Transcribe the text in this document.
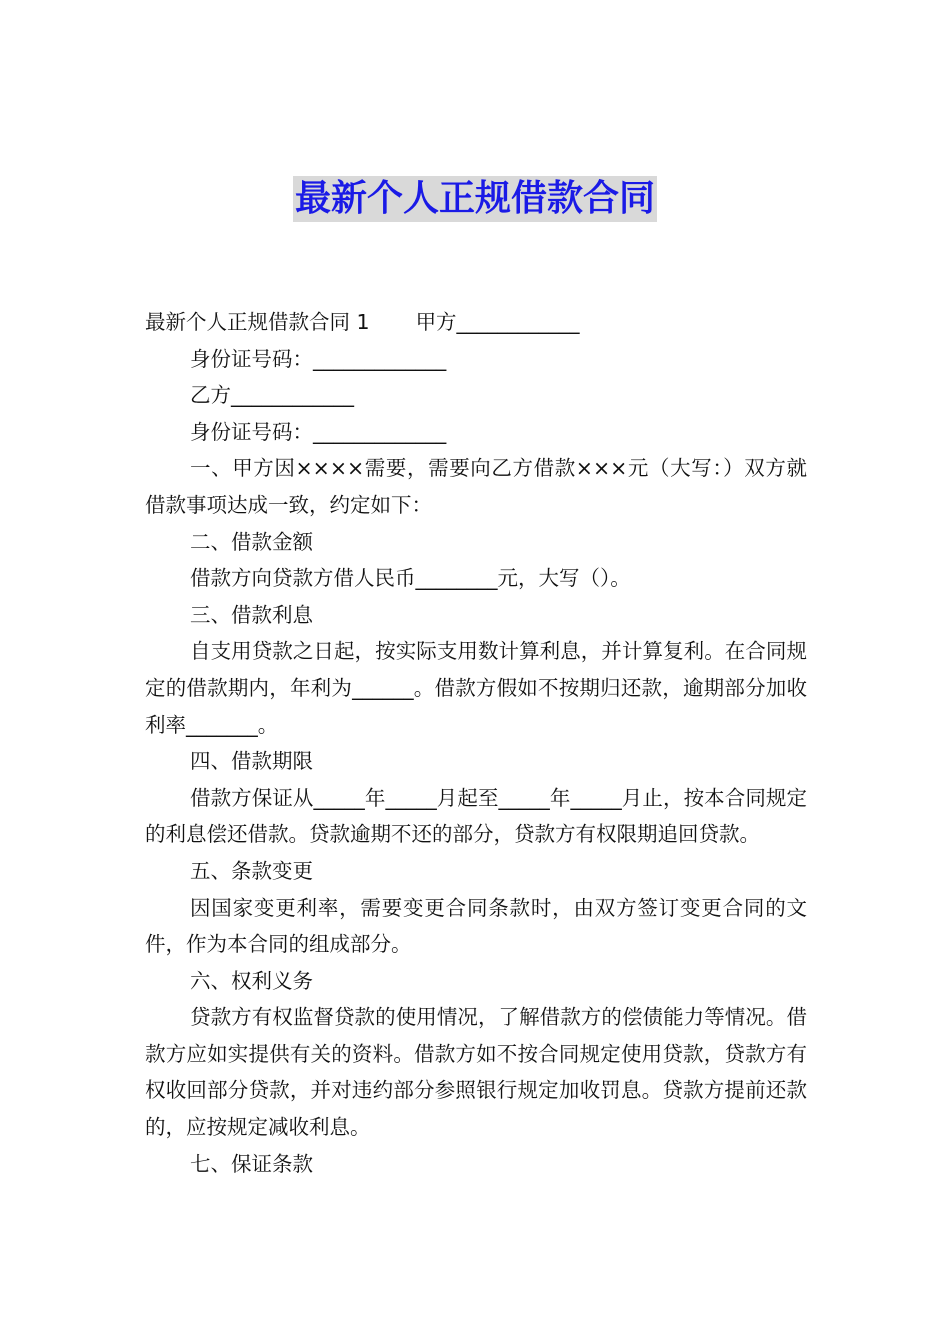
最新个人正规借款合同

最新个人正规借款合同 1 甲方____________

身份证号码：_____________

乙方____________

身份证号码：_____________

一、甲方因××××需要，需要向乙方借款×××元（大写：）双方就借款事项达成一致，约定如下：

二、借款金额

借款方向贷款方借人民币________元，大写（）。

三、借款利息

自支用贷款之日起，按实际支用数计算利息，并计算复利。在合同规定的借款期内，年利为______。借款方假如不按期归还款，逾期部分加收利率_______。

四、借款期限

借款方保证从_____年_____月起至_____年_____月止，按本合同规定的利息偿还借款。贷款逾期不还的部分，贷款方有权限期追回贷款。

五、条款变更

因国家变更利率，需要变更合同条款时，由双方签订变更合同的文件，作为本合同的组成部分。

六、权利义务

贷款方有权监督贷款的使用情况，了解借款方的偿债能力等情况。借款方应如实提供有关的资料。借款方如不按合同规定使用贷款，贷款方有权收回部分贷款，并对违约部分参照银行规定加收罚息。贷款方提前还款的，应按规定减收利息。

七、保证条款
